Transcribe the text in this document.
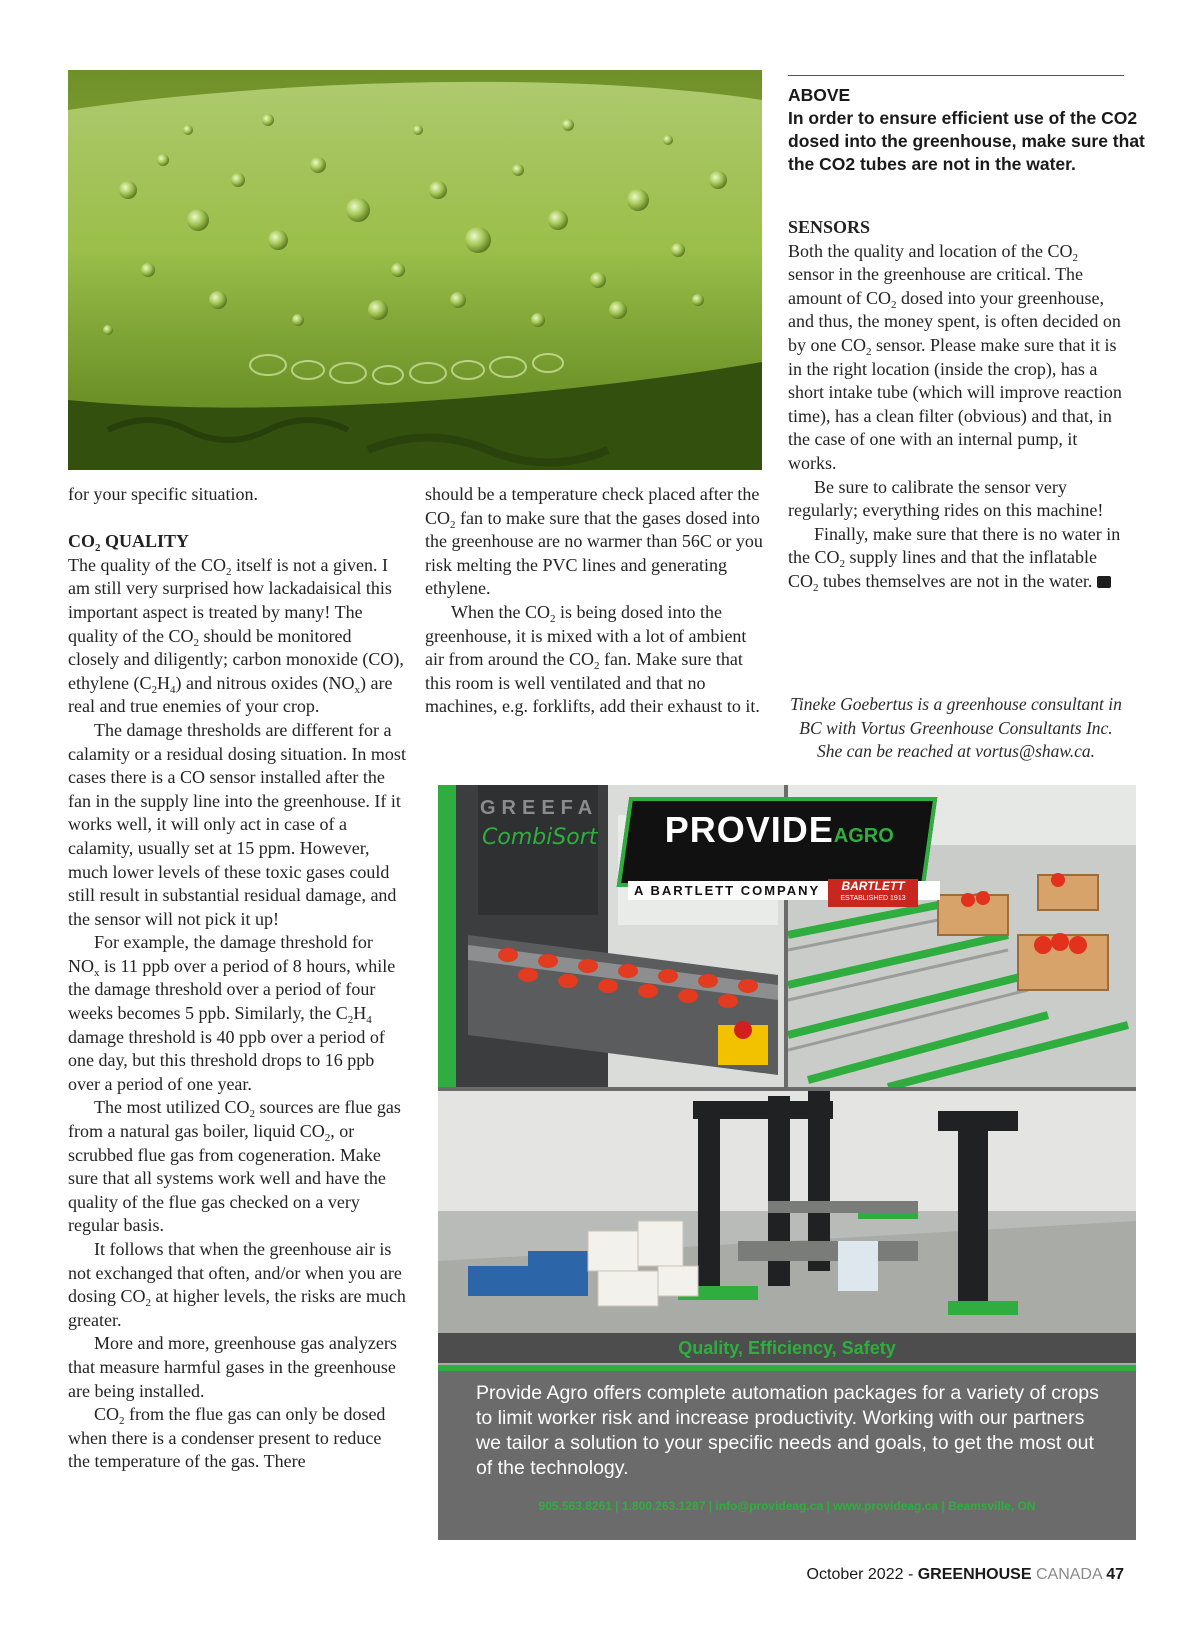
ABOVE
In order to ensure efficient use of the CO2 dosed into the greenhouse, make sure that the CO2 tubes are not in the water.

for your specific situation.

$CO_2$ QUALITY

The quality of the $CO_2$ itself is not a given. I am still very surprised how lackadaisical this important aspect is treated by many! The quality of the $CO_2$ should be monitored closely and diligently; carbon monoxide (CO), ethylene $(C_2H_4)$ and nitrous oxides $(NO_x)$ are real and true enemies of your crop.

The damage thresholds are different for a calamity or a residual dosing situation. In most cases there is a CO sensor installed after the fan in the supply line into the greenhouse. If it works well, it will only act in case of a calamity, usually set at 15 ppm. However, much lower levels of these toxic gases could still result in substantial residual damage, and the sensor will not pick it up!

For example, the damage threshold for $NO_x$ is 11 ppb over a period of 8 hours, while the damage threshold over a period of four weeks becomes 5 ppb. Similarly, the $C_2H_4$ damage threshold is 40 ppb over a period of one day, but this threshold drops to 16 ppb over a period of one year.

The most utilized $CO_2$ sources are flue gas from a natural gas boiler, liquid $CO_2$, or scrubbed flue gas from cogeneration. Make sure that all systems work well and have the quality of the flue gas checked on a very regular basis.

It follows that when the greenhouse air is not exchanged that often, and/or when you are dosing $CO_2$ at higher levels, the risks are much greater.

More and more, greenhouse gas analyzers that measure harmful gases in the greenhouse are being installed.

$CO_2$ from the flue gas can only be dosed when there is a condenser present to reduce the temperature of the gas. There

should be a temperature check placed after the $CO_2$ fan to make sure that the gases dosed into the greenhouse are no warmer than 56C or you risk melting the PVC lines and generating ethylene.

When the $CO_2$ is being dosed into the greenhouse, it is mixed with a lot of ambient air from around the $CO_2$ fan. Make sure that this room is well ventilated and that no machines, e.g. forklifts, add their exhaust to it.

SENSORS

Both the quality and location of the $CO_2$ sensor in the greenhouse are critical. The amount of $CO_2$ dosed into your greenhouse, and thus, the money spent, is often decided on by one $CO_2$ sensor. Please make sure that it is in the right location (inside the crop), has a short intake tube (which will improve reaction time), has a clean filter (obvious) and that, in the case of one with an internal pump, it works.

Be sure to calibrate the sensor very regularly; everything rides on this machine!

Finally, make sure that there is no water in the $CO_2$ supply lines and that the inflatable $CO_2$ tubes themselves are not in the water.

Tineke Goebertus is a greenhouse consultant in BC with Vortus Greenhouse Consultants Inc. She can be reached at vortus@shaw.ca.
GREEFA
CombiSort	PROVIDEAGRO
A BARTLETT COMPANY	BARTLETT
ESTABLISHED 1913
Quality, Efficiency, Safety
Provide Agro offers complete automation packages for a variety of crops to limit worker risk and increase productivity. Working with our partners we tailor a solution to your specific needs and goals, to get the most out of the technology.
905.563.8261 | 1.800.263.1287 | info@provideag.ca | www.provideag.ca | Beamsville, ON
October 2022 - GREENHOUSE CANADA 47
